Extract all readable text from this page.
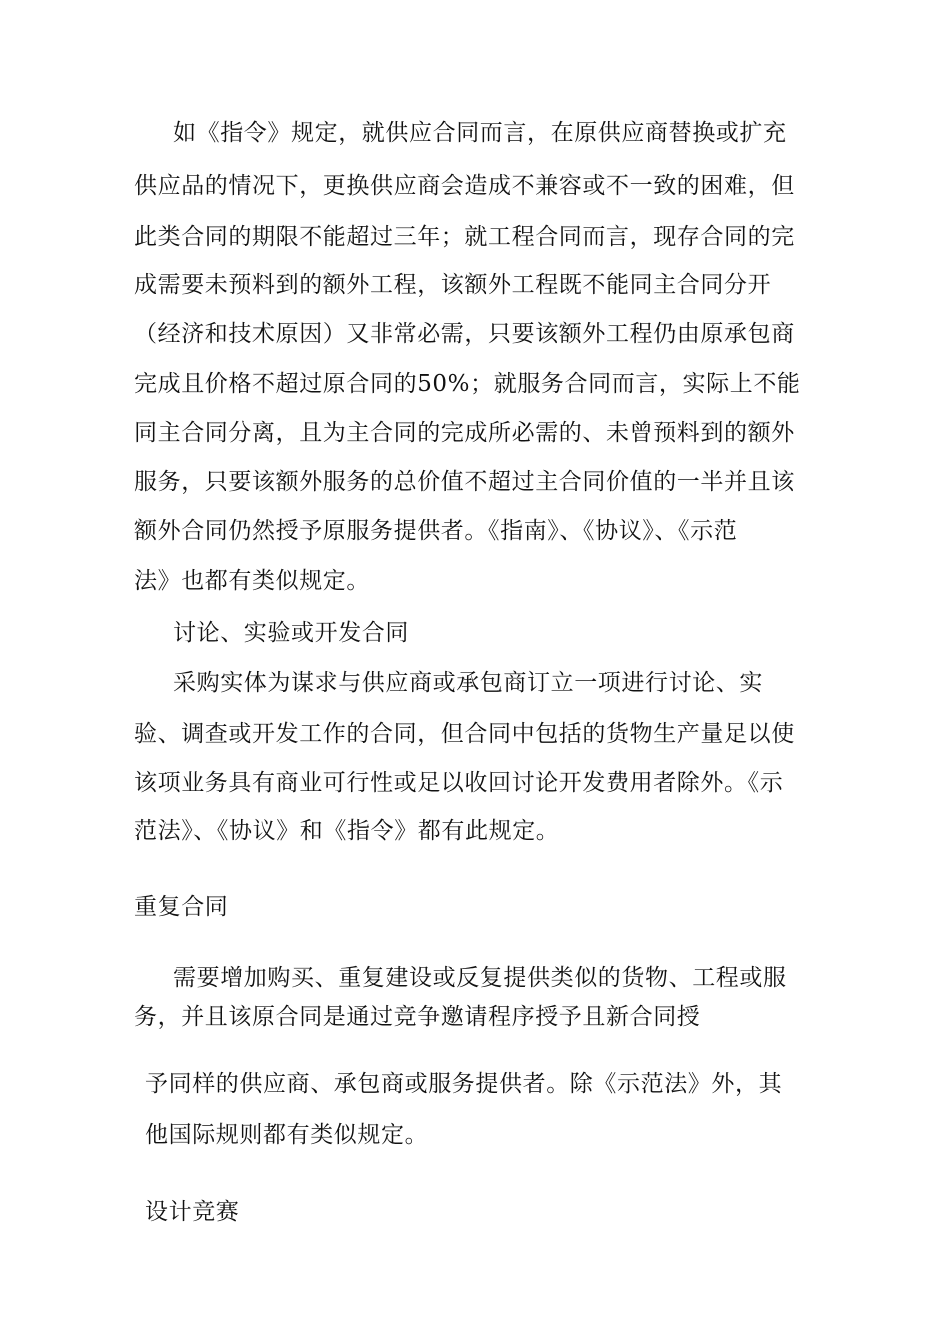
如《指令》规定，就供应合同而言，在原供应商替换或扩充
供应品的情况下，更换供应商会造成不兼容或不一致的困难，但
此类合同的期限不能超过三年；就工程合同而言，现存合同的完
成需要未预料到的额外工程，该额外工程既不能同主合同分开
（经济和技术原因）又非常必需，只要该额外工程仍由原承包商
完成且价格不超过原合同的50%；就服务合同而言，实际上不能
同主合同分离，且为主合同的完成所必需的、未曾预料到的额外
服务，只要该额外服务的总价值不超过主合同价值的一半并且该
额外合同仍然授予原服务提供者。《指南》、《协议》、《示范
法》也都有类似规定。
讨论、实验或开发合同
采购实体为谋求与供应商或承包商订立一项进行讨论、实
验、调查或开发工作的合同，但合同中包括的货物生产量足以使
该项业务具有商业可行性或足以收回讨论开发费用者除外。《示
范法》、《协议》和《指令》都有此规定。
重复合同
需要增加购买、重复建设或反复提供类似的货物、工程或服
务，并且该原合同是通过竞争邀请程序授予且新合同授
予同样的供应商、承包商或服务提供者。除《示范法》外，其
他国际规则都有类似规定。
设计竞赛
